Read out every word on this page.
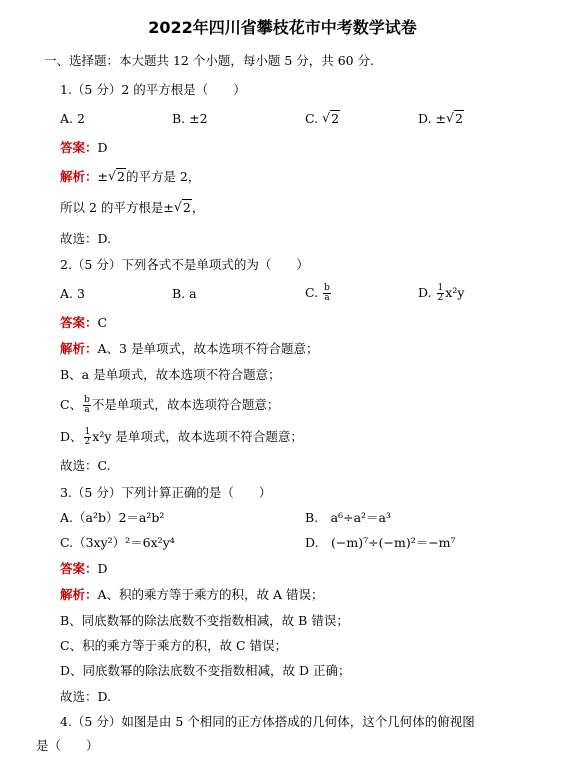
2022年四川省攀枝花市中考数学试卷
一、选择题：本大题共 12 个小题，每小题 5 分，共 60 分.
1.（5 分）2 的平方根是（　　）
A. 2	B. ±2	C. √ 2	D. ± √ 2
答案：D
解析：± √ 2的平方是 2，
所以 2 的平方根是± √ 2，
故选：D.
2.（5 分）下列各式不是单项式的为（　　）
A. 3	B. a	C. $\frac{b}{a}$	D. $\frac{1}{2} x^2y$
答案：C
解析：A、3 是单项式，故本选项不符合题意；
B、a 是单项式，故本选项不符合题意；
C、 $\frac{b}{a}$ 不是单项式，故本选项符合题意；
D、 $\frac{1}{2} x^2y$ 是单项式，故本选项不符合题意；
故选：C.
3.（5 分）下列计算正确的是（　　）
A.（a²b）2＝a²b²	B.　a⁶÷a²＝a³
C.（3xy²）²＝6x²y⁴	D.　(−m)⁷÷(−m)²＝−m⁷
答案：D
解析：A、积的乘方等于乘方的积，故 A 错误；
B、同底数幂的除法底数不变指数相减，故 B 错误；
C、积的乘方等于乘方的积，故 C 错误；
D、同底数幂的除法底数不变指数相减，故 D 正确；
故选：D.
4.（5 分）如图是由 5 个相同的正方体搭成的几何体，这个几何体的俯视图
是（　　）
